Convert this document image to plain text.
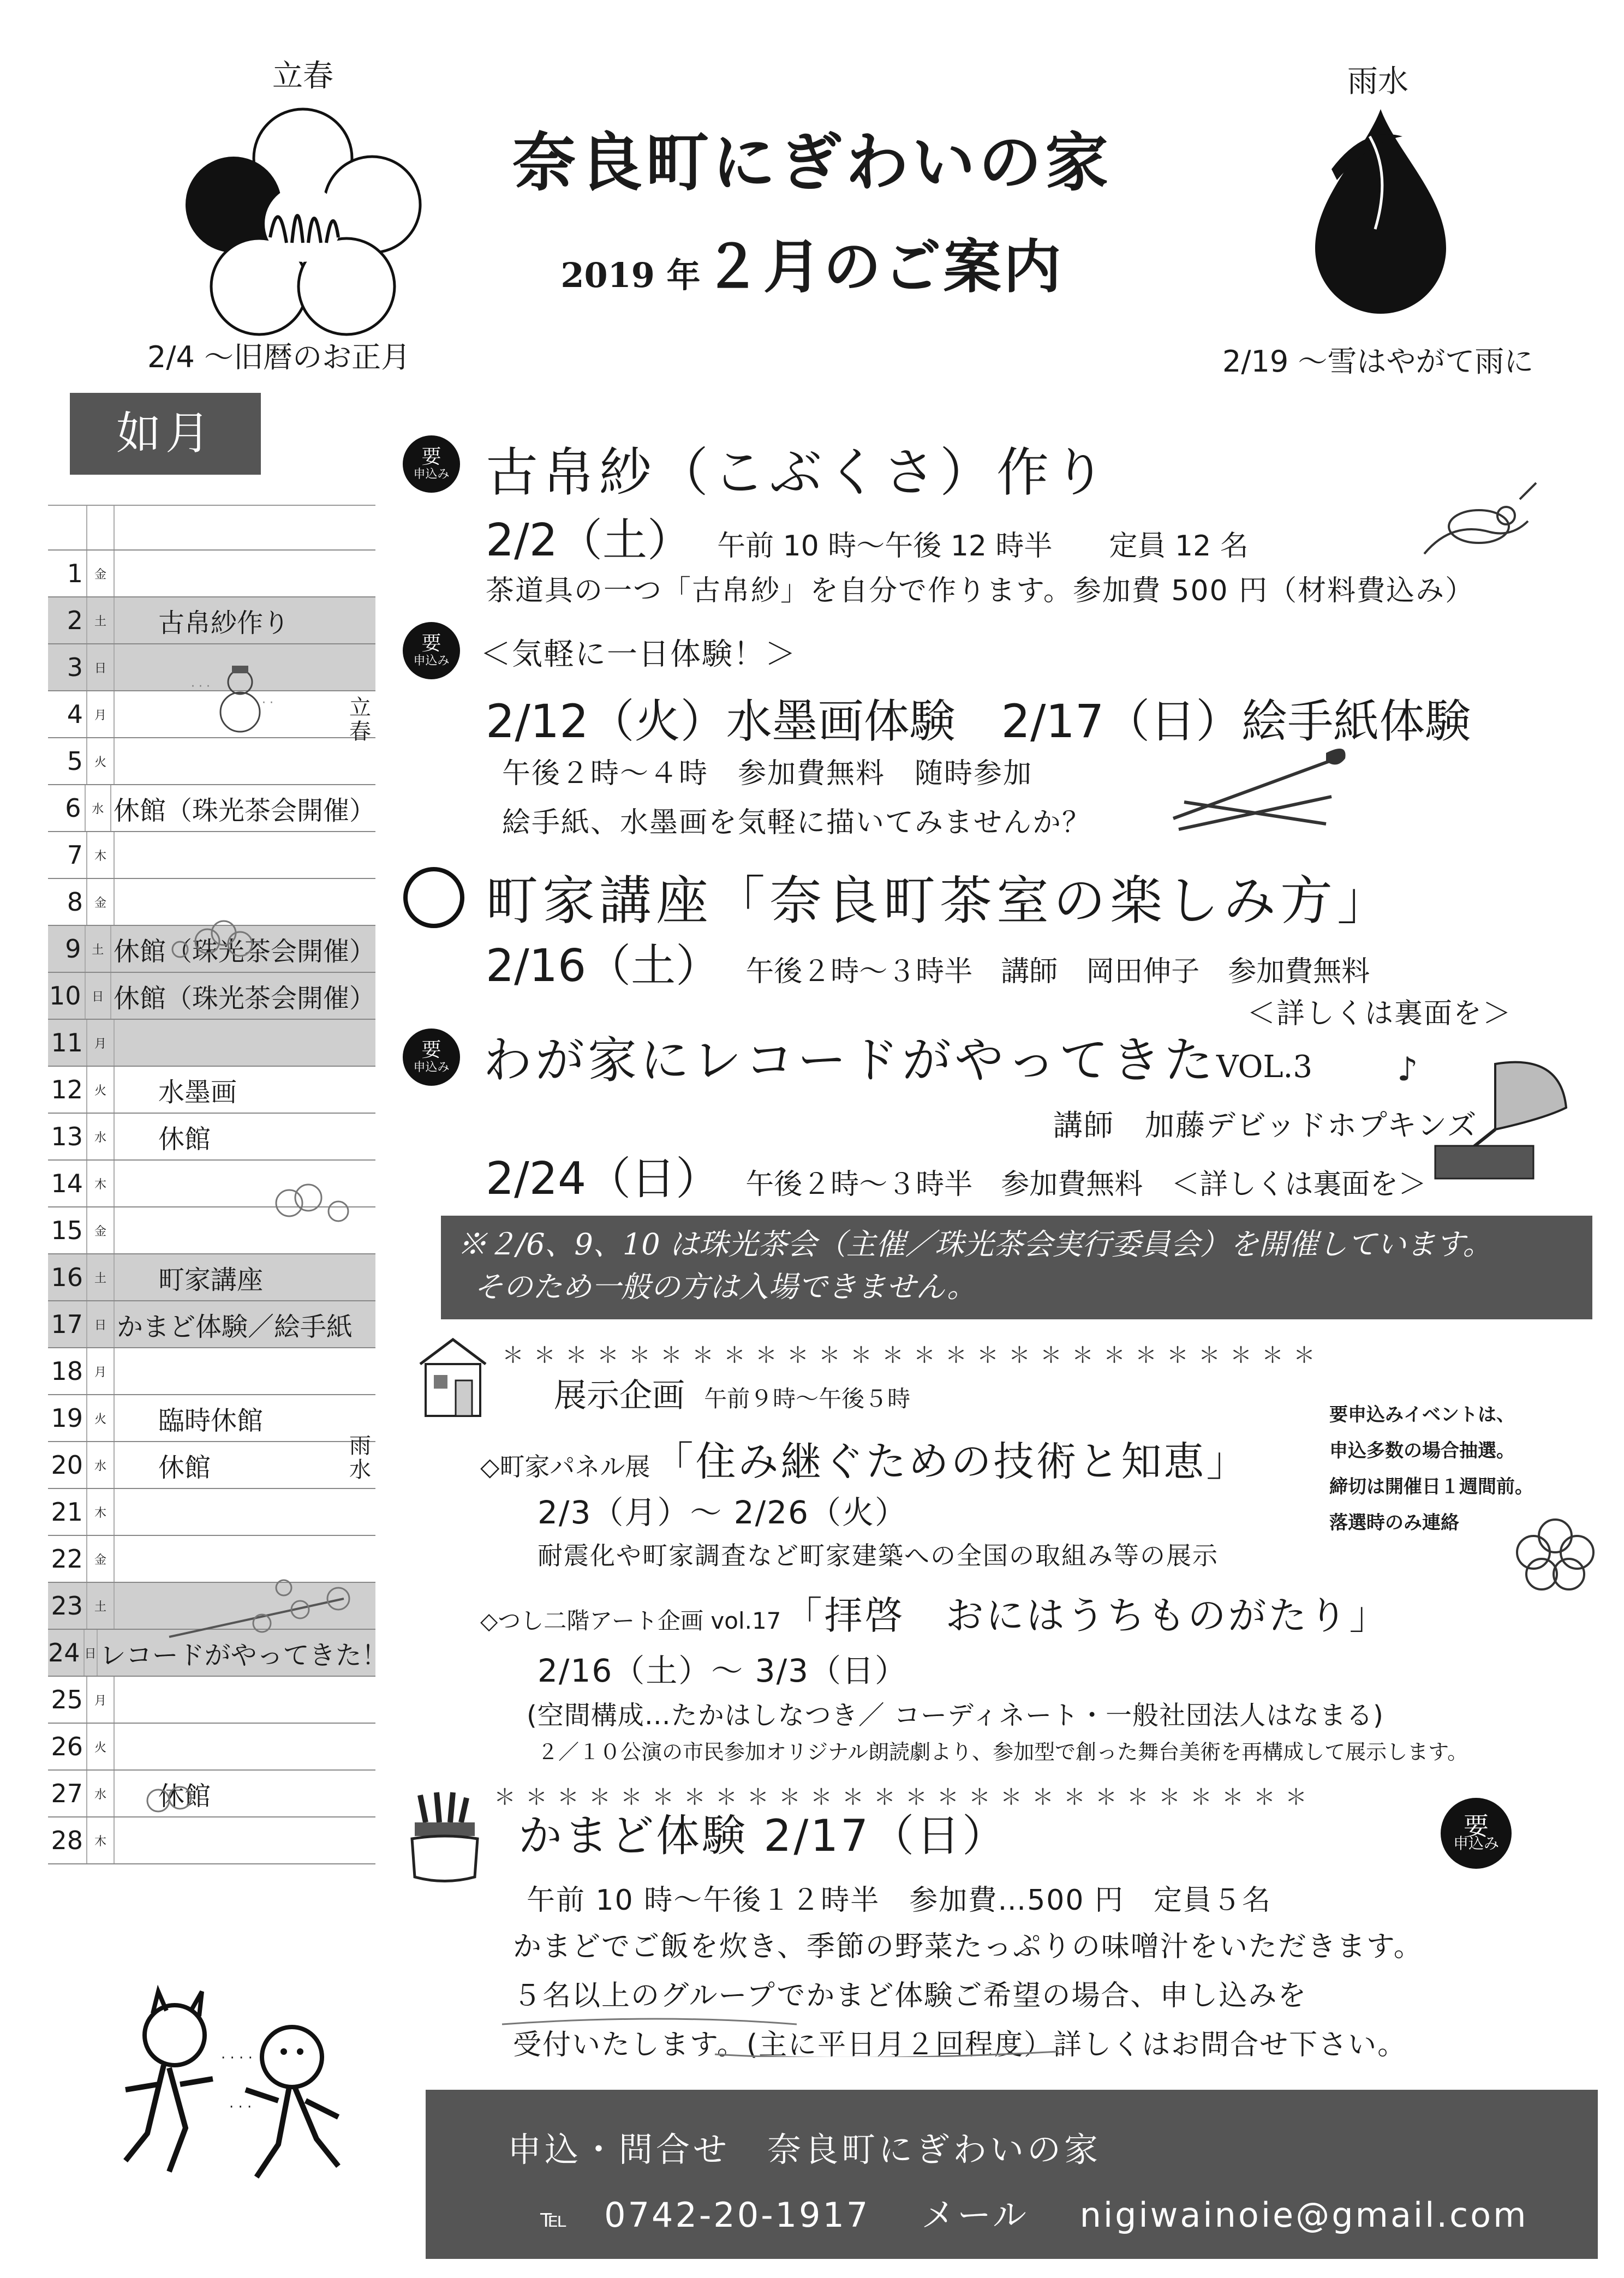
奈良町にぎわいの家
2019 年 ２月のご案内
立春
2/4 ～旧暦のお正月
雨水
2/19 ～雪はやがて雨に
如月
1 金
2 土	古帛紗作り
3 日
4 月
5 火
6 水 休館（珠光茶会開催）
7 木
8 金
9 土 休館（珠光茶会開催）
10 日 休館（珠光茶会開催）
11 月
12 火	水墨画
13 水	休館
14 木
15 金
16 土	町家講座
17 日 かまど体験／絵手紙
18 月
19 火	臨時休館
20 水	休館
21 木
22 金
23 土
24 日 レコードがやってきた！
25 月
26 火
27 水	休館
28 木
立春
雨水
· · ·
· ·
· · · ·
· · ·
要
申込み 古帛紗（こぶくさ）作り
2/2（土） 午前 10 時～午後 12 時半　　定員 12 名
茶道具の一つ「古帛紗」を自分で作ります。参加費 500 円（材料費込み）
要
申込み ＜気軽に一日体験！＞
2/12（火）水墨画体験　2/17（日）絵手紙体験
午後２時～４時　参加費無料　随時参加
絵手紙、水墨画を気軽に描いてみませんか？
町家講座「奈良町茶室の楽しみ方」
2/16（土） 午後２時～３時半　講師　岡田伸子　参加費無料
＜詳しくは裏面を＞
要
申込み わが家にレコードがやってきたVOL.3
講師　加藤デビッドホプキンズ
2/24（日） 午後２時～３時半　参加費無料　＜詳しくは裏面を＞
♪
※２/6、9、10 は珠光茶会（主催／珠光茶会実行委員会）を開催しています。
そのため一般の方は入場できません。
＊＊＊＊＊＊＊＊＊＊＊＊＊＊＊＊＊＊＊＊＊＊＊＊＊＊
展示企画 午前９時～午後５時
◇町家パネル展 「住み継ぐための技術と知恵」
2/3（月）～ 2/26（火）
耐震化や町家調査など町家建築への全国の取組み等の展示
◇つし二階アート企画 vol.17 「拝啓　おにはうちものがたり」
2/16（土）～ 3/3（日）
(空間構成…たかはしなつき／ コーディネート・一般社団法人はなまる)
２／１０公演の市民参加オリジナル朗読劇より、参加型で創った舞台美術を再構成して展示します。
要申込みイベントは、
申込多数の場合抽選。
締切は開催日１週間前。
落選時のみ連絡
＊＊＊＊＊＊＊＊＊＊＊＊＊＊＊＊＊＊＊＊＊＊＊＊＊＊
かまど体験 2/17（日）	要
申込み
午前 10 時～午後１２時半　参加費…500 円　定員５名
かまどでご飯を炊き、季節の野菜たっぷりの味噌汁をいただきます。
５名以上のグループでかまど体験ご希望の場合、申し込みを
受付いたします。(主に平日月２回程度）詳しくはお問合せ下さい。
申込・問合せ　奈良町にぎわいの家
℡ 0742-20-1917 メール nigiwainoie@gmail.com
